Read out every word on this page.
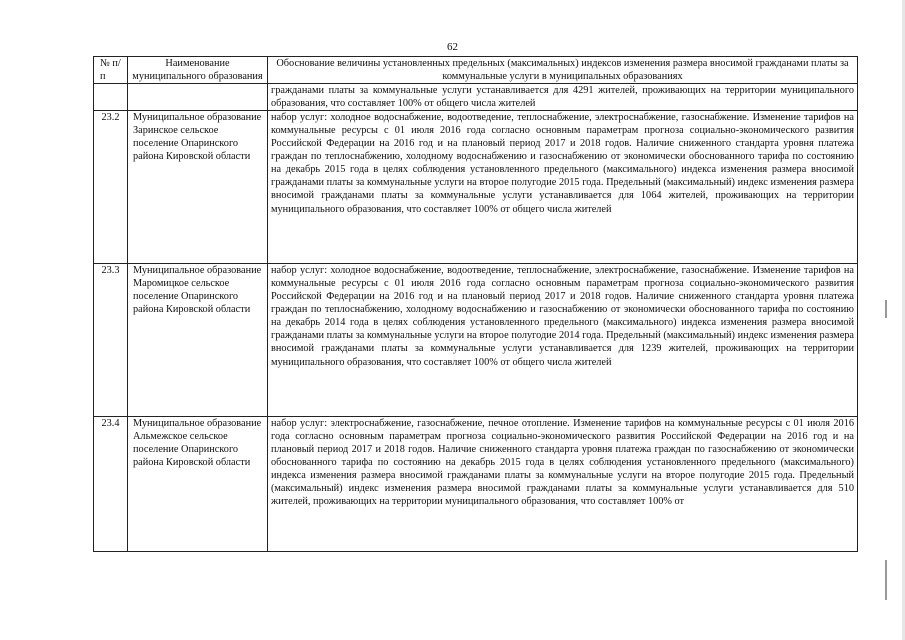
62
№ п/п	Наименование муниципального образования	Обоснование величины установленных предельных (максимальных) индексов изменения размера вносимой гражданами платы за коммунальные услуги в муниципальных образованиях
		гражданами платы за коммунальные услуги устанавливается для 4291 жителей, проживающих на территории муниципального образования, что составляет 100% от общего числа жителей
23.2	Муниципальное образование Заринское сельское поселение Опаринского района Кировской области	набор услуг: холодное водоснабжение, водоотведение, теплоснабжение, электроснабжение, газоснабжение. Изменение тарифов на коммунальные ресурсы с 01 июля 2016 года согласно основным параметрам прогноза социально-экономического развития Российской Федерации на 2016 год и на плановый период 2017 и 2018 годов. Наличие сниженного стандарта уровня платежа граждан по теплоснабжению, холодному водоснабжению и газоснабжению от экономически обоснованного тарифа по состоянию на декабрь 2015 года в целях соблюдения установленного предельного (максимального) индекса изменения размера вносимой гражданами платы за коммунальные услуги на второе полугодие 2015 года. Предельный (максимальный) индекс изменения размера вносимой гражданами платы за коммунальные услуги устанавливается для 1064 жителей, проживающих на территории муниципального образования, что составляет 100% от общего числа жителей
23.3	Муниципальное образование Маромицкое сельское поселение Опаринского района Кировской области	набор услуг: холодное водоснабжение, водоотведение, теплоснабжение, электроснабжение, газоснабжение. Изменение тарифов на коммунальные ресурсы с 01 июля 2016 года согласно основным параметрам прогноза социально-экономического развития Российской Федерации на 2016 год и на плановый период 2017 и 2018 годов. Наличие сниженного стандарта уровня платежа граждан по теплоснабжению, холодному водоснабжению и газоснабжению от экономически обоснованного тарифа по состоянию на декабрь 2014 года в целях соблюдения установленного предельного (максимального) индекса изменения размера вносимой гражданами платы за коммунальные услуги на второе полугодие 2014 года. Предельный (максимальный) индекс изменения размера вносимой гражданами платы за коммунальные услуги устанавливается для 1239 жителей, проживающих на территории муниципального образования, что составляет 100% от общего числа жителей
23.4	Муниципальное образование Альмежское сельское поселение Опаринского района Кировской области	набор услуг: электроснабжение, газоснабжение, печное отопление. Изменение тарифов на коммунальные ресурсы с 01 июля 2016 года согласно основным параметрам прогноза социально-экономического развития Российской Федерации на 2016 год и на плановый период 2017 и 2018 годов. Наличие сниженного стандарта уровня платежа граждан по газоснабжению от экономически обоснованного тарифа по состоянию на декабрь 2015 года в целях соблюдения установленного предельного (максимального) индекса изменения размера вносимой гражданами платы за коммунальные услуги на второе полугодие 2015 года. Предельный (максимальный) индекс изменения размера вносимой гражданами платы за коммунальные услуги устанавливается для 510 жителей, проживающих на территории муниципального образования, что составляет 100% от
